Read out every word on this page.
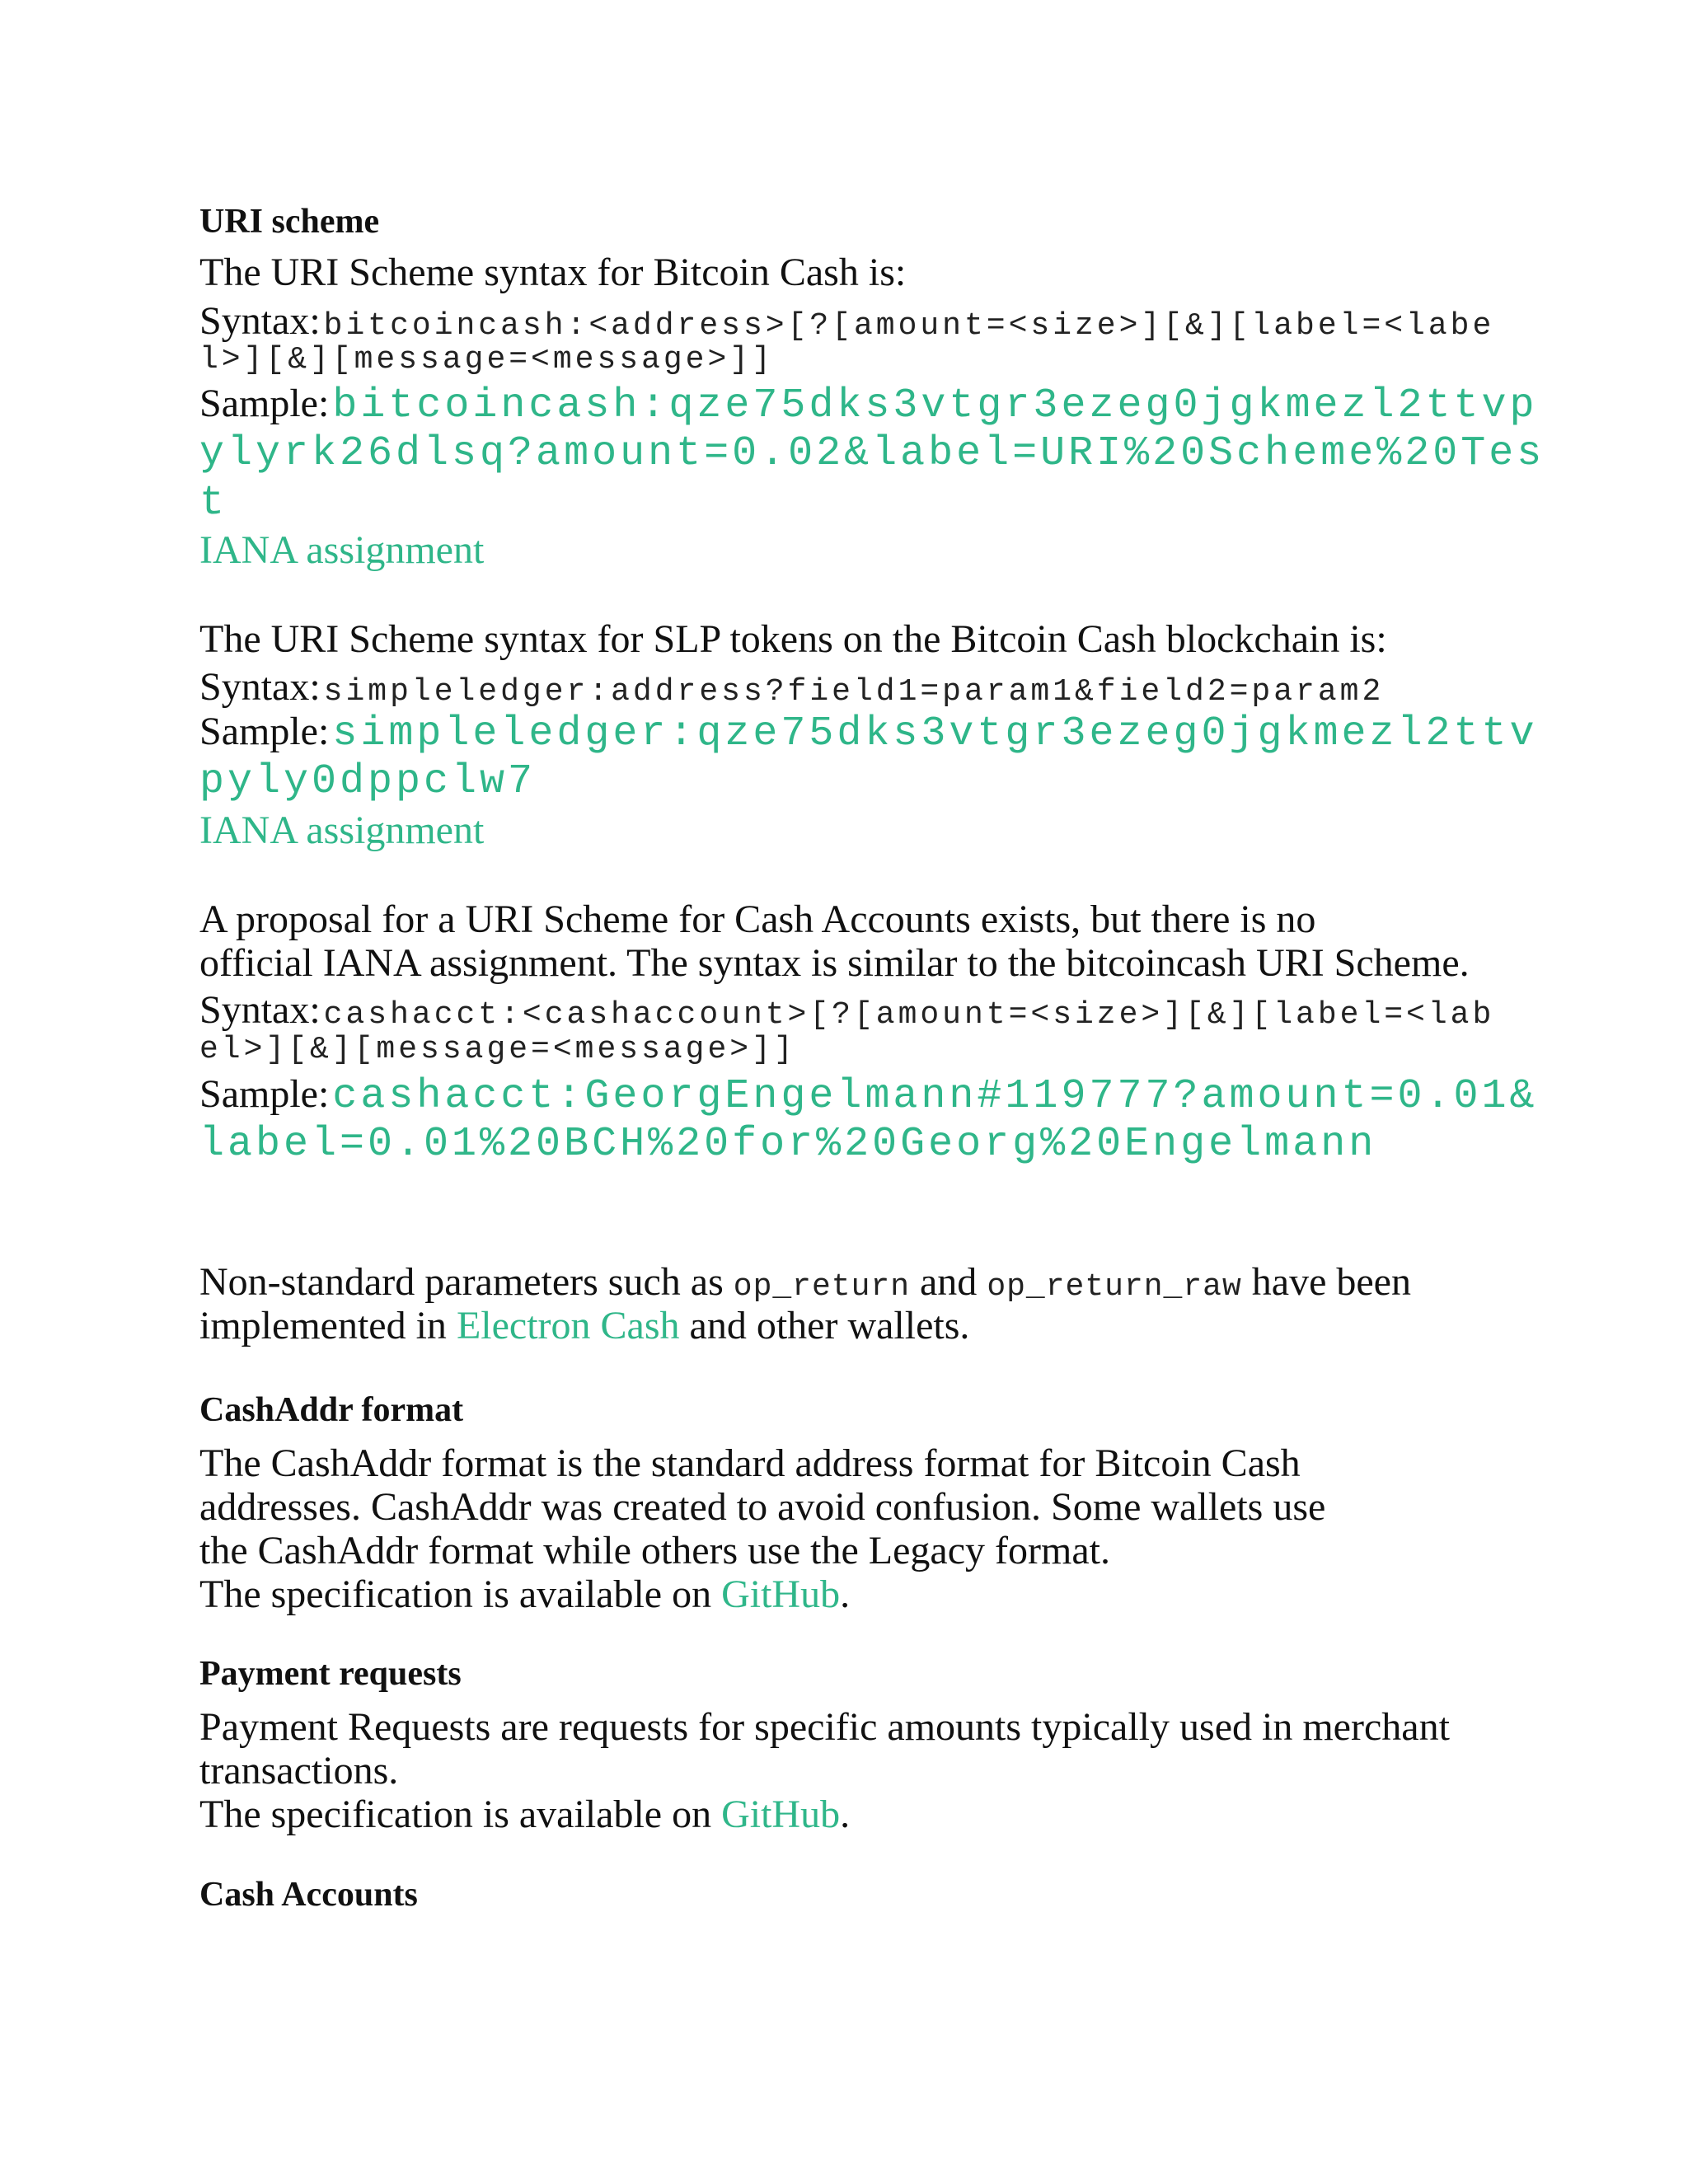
URI scheme
The URI Scheme syntax for Bitcoin Cash is:
Syntax: bitcoincash:<address>[?[amount=<size>][&][label=<labe
l>][&][message=<message>]]
Sample: bitcoincash:qze75dks3vtgr3ezeg0jgkmezl2ttvp
ylyrk26dlsq?amount=0.02&label=URI%20Scheme%20Tes
t
IANA assignment
The URI Scheme syntax for SLP tokens on the Bitcoin Cash blockchain is:
Syntax: simpleledger:address?field1=param1&field2=param2
Sample: simpleledger:qze75dks3vtgr3ezeg0jgkmezl2ttv
pyly0dppclw7
IANA assignment
A proposal for a URI Scheme for Cash Accounts exists, but there is no
official IANA assignment. The syntax is similar to the bitcoincash URI Scheme.
Syntax: cashacct:<cashaccount>[?[amount=<size>][&][label=<lab
el>][&][message=<message>]]
Sample: cashacct:GeorgEngelmann#119777?amount=0.01&
label=0.01%20BCH%20for%20Georg%20Engelmann
Non-standard parameters such as op_return and op_return_raw have been
implemented in Electron Cash and other wallets.
CashAddr format
The CashAddr format is the standard address format for Bitcoin Cash
addresses. CashAddr was created to avoid confusion. Some wallets use
the CashAddr format while others use the Legacy format.
The specification is available on GitHub.
Payment requests
Payment Requests are requests for specific amounts typically used in merchant
transactions.
The specification is available on GitHub.
Cash Accounts
